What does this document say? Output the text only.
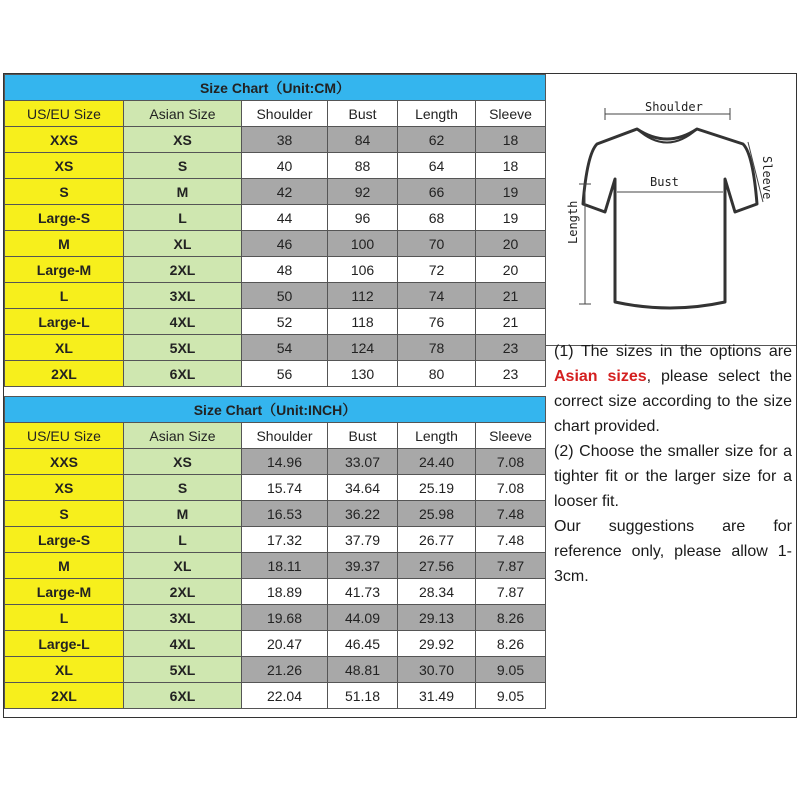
Size Chart（Unit:CM）					
US/EU Size	Asian Size	Shoulder	Bust	Length	Sleeve
XXS	XS	38	84	62	18
XS	S	40	88	64	18
S	M	42	92	66	19
Large-S	L	44	96	68	19
M	XL	46	100	70	20
Large-M	2XL	48	106	72	20
L	3XL	50	112	74	21
Large-L	4XL	52	118	76	21
XL	5XL	54	124	78	23
2XL	6XL	56	130	80	23
Size Chart（Unit:INCH）					
US/EU Size	Asian Size	Shoulder	Bust	Length	Sleeve
XXS	XS	14.96	33.07	24.40	7.08
XS	S	15.74	34.64	25.19	7.08
S	M	16.53	36.22	25.98	7.48
Large-S	L	17.32	37.79	26.77	7.48
M	XL	18.11	39.37	27.56	7.87
Large-M	2XL	18.89	41.73	28.34	7.87
L	3XL	19.68	44.09	29.13	8.26
Large-L	4XL	20.47	46.45	29.92	8.26
XL	5XL	21.26	48.81	30.70	9.05
2XL	6XL	22.04	51.18	31.49	9.05
Shoulder
Bust
Length
Sleeve

(1) The sizes in the options are Asian sizes, please select the correct size according to the size chart provided.

(2) Choose the smaller size for a tighter fit or the larger size for a looser fit.

Our suggestions are for reference only, please allow 1-3cm.
